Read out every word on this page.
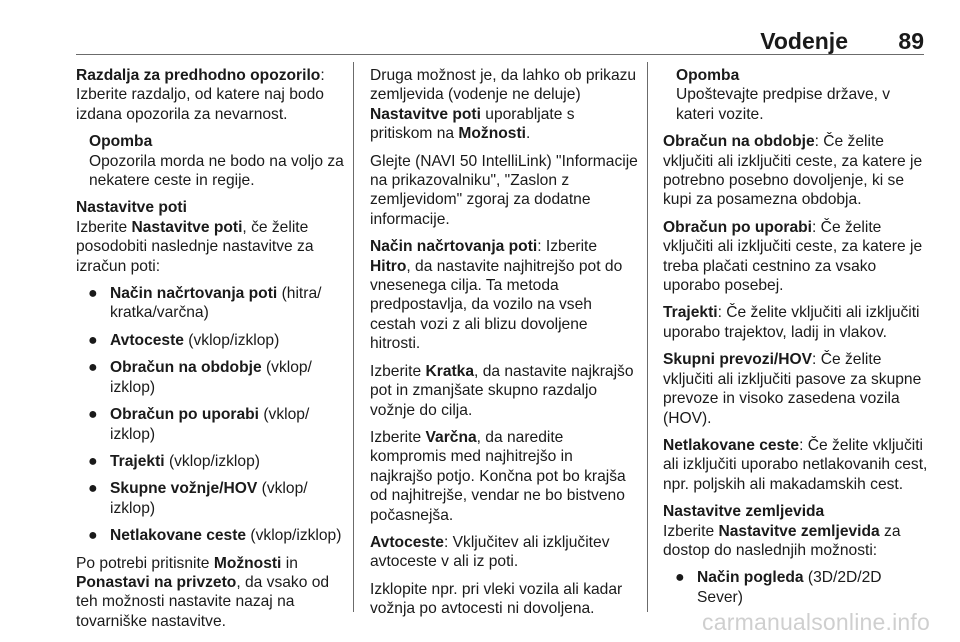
Vodenje 89

Razdalja za predhodno opozorilo: Izberite razdaljo, od katere naj bodo izdana opozorila za nevarnost.

Opomba
Opozorila morda ne bodo na voljo za nekatere ceste in regije.

Nastavitve poti

Izberite Nastavitve poti, če želite posodobiti naslednje nastavitve za izračun poti:

● Način načrtovanja poti (hitra/ kratka/varčna)
● Avtoceste (vklop/izklop)
● Obračun na obdobje (vklop/ izklop)
● Obračun po uporabi (vklop/ izklop)
● Trajekti (vklop/izklop)
● Skupne vožnje/HOV (vklop/ izklop)
● Netlakovane ceste (vklop/izklop)

Po potrebi pritisnite Možnosti in Ponastavi na privzeto, da vsako od teh možnosti nastavite nazaj na tovarniške nastavitve.

Druga možnost je, da lahko ob prikazu zemljevida (vodenje ne deluje) Nastavitve poti uporabljate s pritiskom na Možnosti.

Glejte (NAVI 50 IntelliLink) "Informacije na prikazovalniku", "Zaslon z zemljevidom" zgoraj za dodatne informacije.

Način načrtovanja poti: Izberite Hitro, da nastavite najhitrejšo pot do vnesenega cilja. Ta metoda predpostavlja, da vozilo na vseh cestah vozi z ali blizu dovoljene hitrosti.

Izberite Kratka, da nastavite najkrajšo pot in zmanjšate skupno razdaljo vožnje do cilja.

Izberite Varčna, da naredite kompromis med najhitrejšo in najkrajšo potjo. Končna pot bo krajša od najhitrejše, vendar ne bo bistveno počasnejša.

Avtoceste: Vključitev ali izključitev avtoceste v ali iz poti.

Izklopite npr. pri vleki vozila ali kadar vožnja po avtocesti ni dovoljena.

Opomba
Upoštevajte predpise države, v kateri vozite.

Obračun na obdobje: Če želite vključiti ali izključiti ceste, za katere je potrebno posebno dovoljenje, ki se kupi za posamezna obdobja.

Obračun po uporabi: Če želite vključiti ali izključiti ceste, za katere je treba plačati cestnino za vsako uporabo posebej.

Trajekti: Če želite vključiti ali izključiti uporabo trajektov, ladij in vlakov.

Skupni prevozi/HOV: Če želite vključiti ali izključiti pasove za skupne prevoze in visoko zasedena vozila (HOV).

Netlakovane ceste: Če želite vključiti ali izključiti uporabo netlakovanih cest, npr. poljskih ali makadamskih cest.

Nastavitve zemljevida

Izberite Nastavitve zemljevida za dostop do naslednjih možnosti:

● Način pogleda (3D/2D/2D Sever)
carmanualsonline.info
